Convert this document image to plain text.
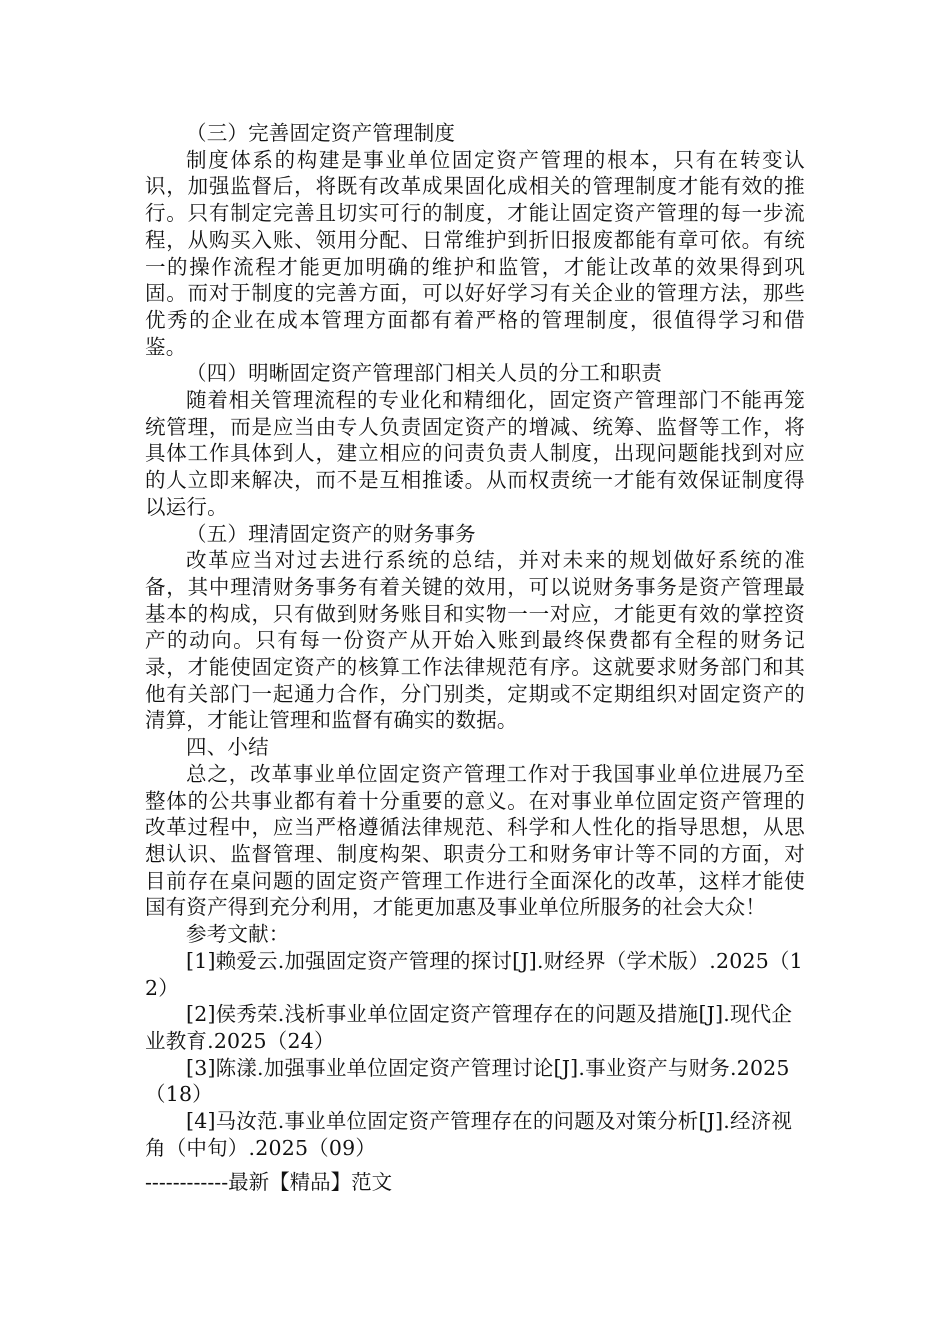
（三）完善固定资产管理制度

制度体系的构建是事业单位固定资产管理的根本，只有在转变认识，加强监督后，将既有改革成果固化成相关的管理制度才能有效的推行。只有制定完善且切实可行的制度，才能让固定资产管理的每一步流程，从购买入账、领用分配、日常维护到折旧报废都能有章可依。有统一的操作流程才能更加明确的维护和监管，才能让改革的效果得到巩固。而对于制度的完善方面，可以好好学习有关企业的管理方法，那些优秀的企业在成本管理方面都有着严格的管理制度，很值得学习和借鉴。

（四）明晰固定资产管理部门相关人员的分工和职责

随着相关管理流程的专业化和精细化，固定资产管理部门不能再笼统管理，而是应当由专人负责固定资产的增减、统筹、监督等工作，将具体工作具体到人，建立相应的问责负责人制度，出现问题能找到对应的人立即来解决，而不是互相推诿。从而权责统一才能有效保证制度得以运行。

（五）理清固定资产的财务事务

改革应当对过去进行系统的总结，并对未来的规划做好系统的准备，其中理清财务事务有着关键的效用，可以说财务事务是资产管理最基本的构成，只有做到财务账目和实物一一对应，才能更有效的掌控资产的动向。只有每一份资产从开始入账到最终保费都有全程的财务记录，才能使固定资产的核算工作法律规范有序。这就要求财务部门和其他有关部门一起通力合作，分门别类，定期或不定期组织对固定资产的清算，才能让管理和监督有确实的数据。

四、小结

总之，改革事业单位固定资产管理工作对于我国事业单位进展乃至整体的公共事业都有着十分重要的意义。在对事业单位固定资产管理的改革过程中，应当严格遵循法律规范、科学和人性化的指导思想，从思想认识、监督管理、制度构架、职责分工和财务审计等不同的方面，对目前存在桌问题的固定资产管理工作进行全面深化的改革，这样才能使国有资产得到充分利用，才能更加惠及事业单位所服务的社会大众！

参考文献：

[1]赖爱云.加强固定资产管理的探讨[J].财经界（学术版）.2025（12）

[2]侯秀荣.浅析事业单位固定资产管理存在的问题及措施[J].现代企业教育.2025（24）

[3]陈漾.加强事业单位固定资产管理讨论[J].事业资产与财务.2025（18）

[4]马汝范.事业单位固定资产管理存在的问题及对策分析[J].经济视角（中旬）.2025（09）

------------最新【精品】范文
